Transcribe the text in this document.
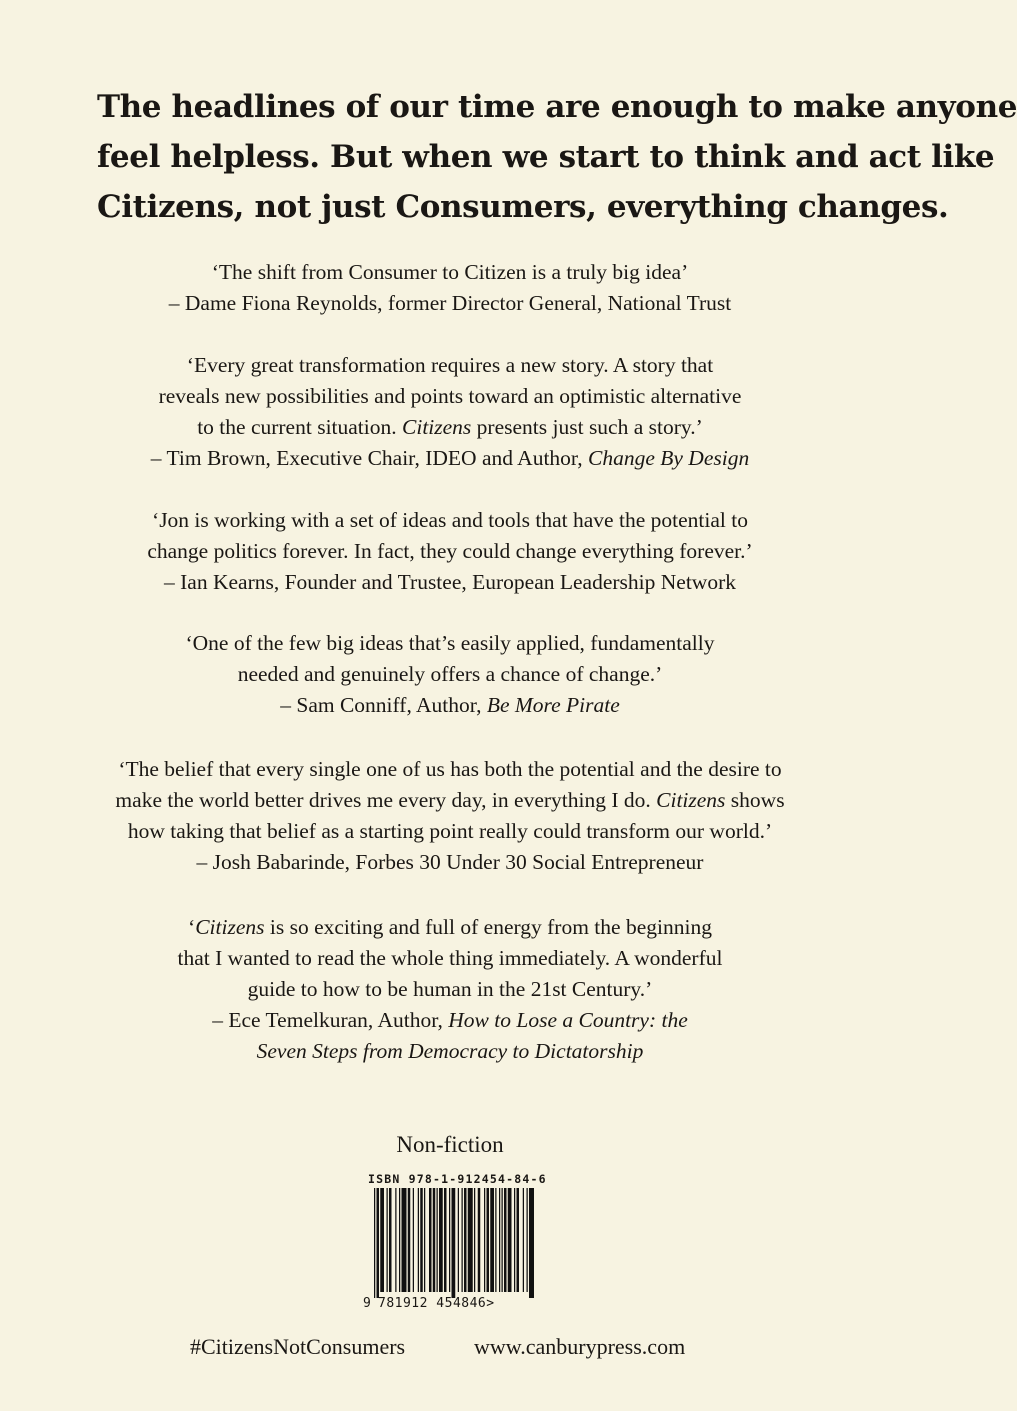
The headlines of our time are enough to make anyone
feel helpless. But when we start to think and act like
Citizens, not just Consumers, everything changes.
‘The shift from Consumer to Citizen is a truly big idea’
– Dame Fiona Reynolds, former Director General, National Trust
‘Every great transformation requires a new story. A story that
reveals new possibilities and points toward an optimistic alternative
to the current situation. Citizens presents just such a story.’
– Tim Brown, Executive Chair, IDEO and Author, Change By Design
‘Jon is working with a set of ideas and tools that have the potential to
change politics forever. In fact, they could change everything forever.’
– Ian Kearns, Founder and Trustee, European Leadership Network
‘One of the few big ideas that’s easily applied, fundamentally
needed and genuinely offers a chance of change.’
– Sam Conniff, Author, Be More Pirate
‘The belief that every single one of us has both the potential and the desire to
make the world better drives me every day, in everything I do. Citizens shows
how taking that belief as a starting point really could transform our world.’
– Josh Babarinde, Forbes 30 Under 30 Social Entrepreneur
‘Citizens is so exciting and full of energy from the beginning
that I wanted to read the whole thing immediately. A wonderful
guide to how to be human in the 21st Century.’
– Ece Temelkuran, Author, How to Lose a Country: the
Seven Steps from Democracy to Dictatorship
Non-fiction
ISBN 978-1-912454-84-6
9 781912 454846>
#CitizensNotConsumers	www.canburypress.com
